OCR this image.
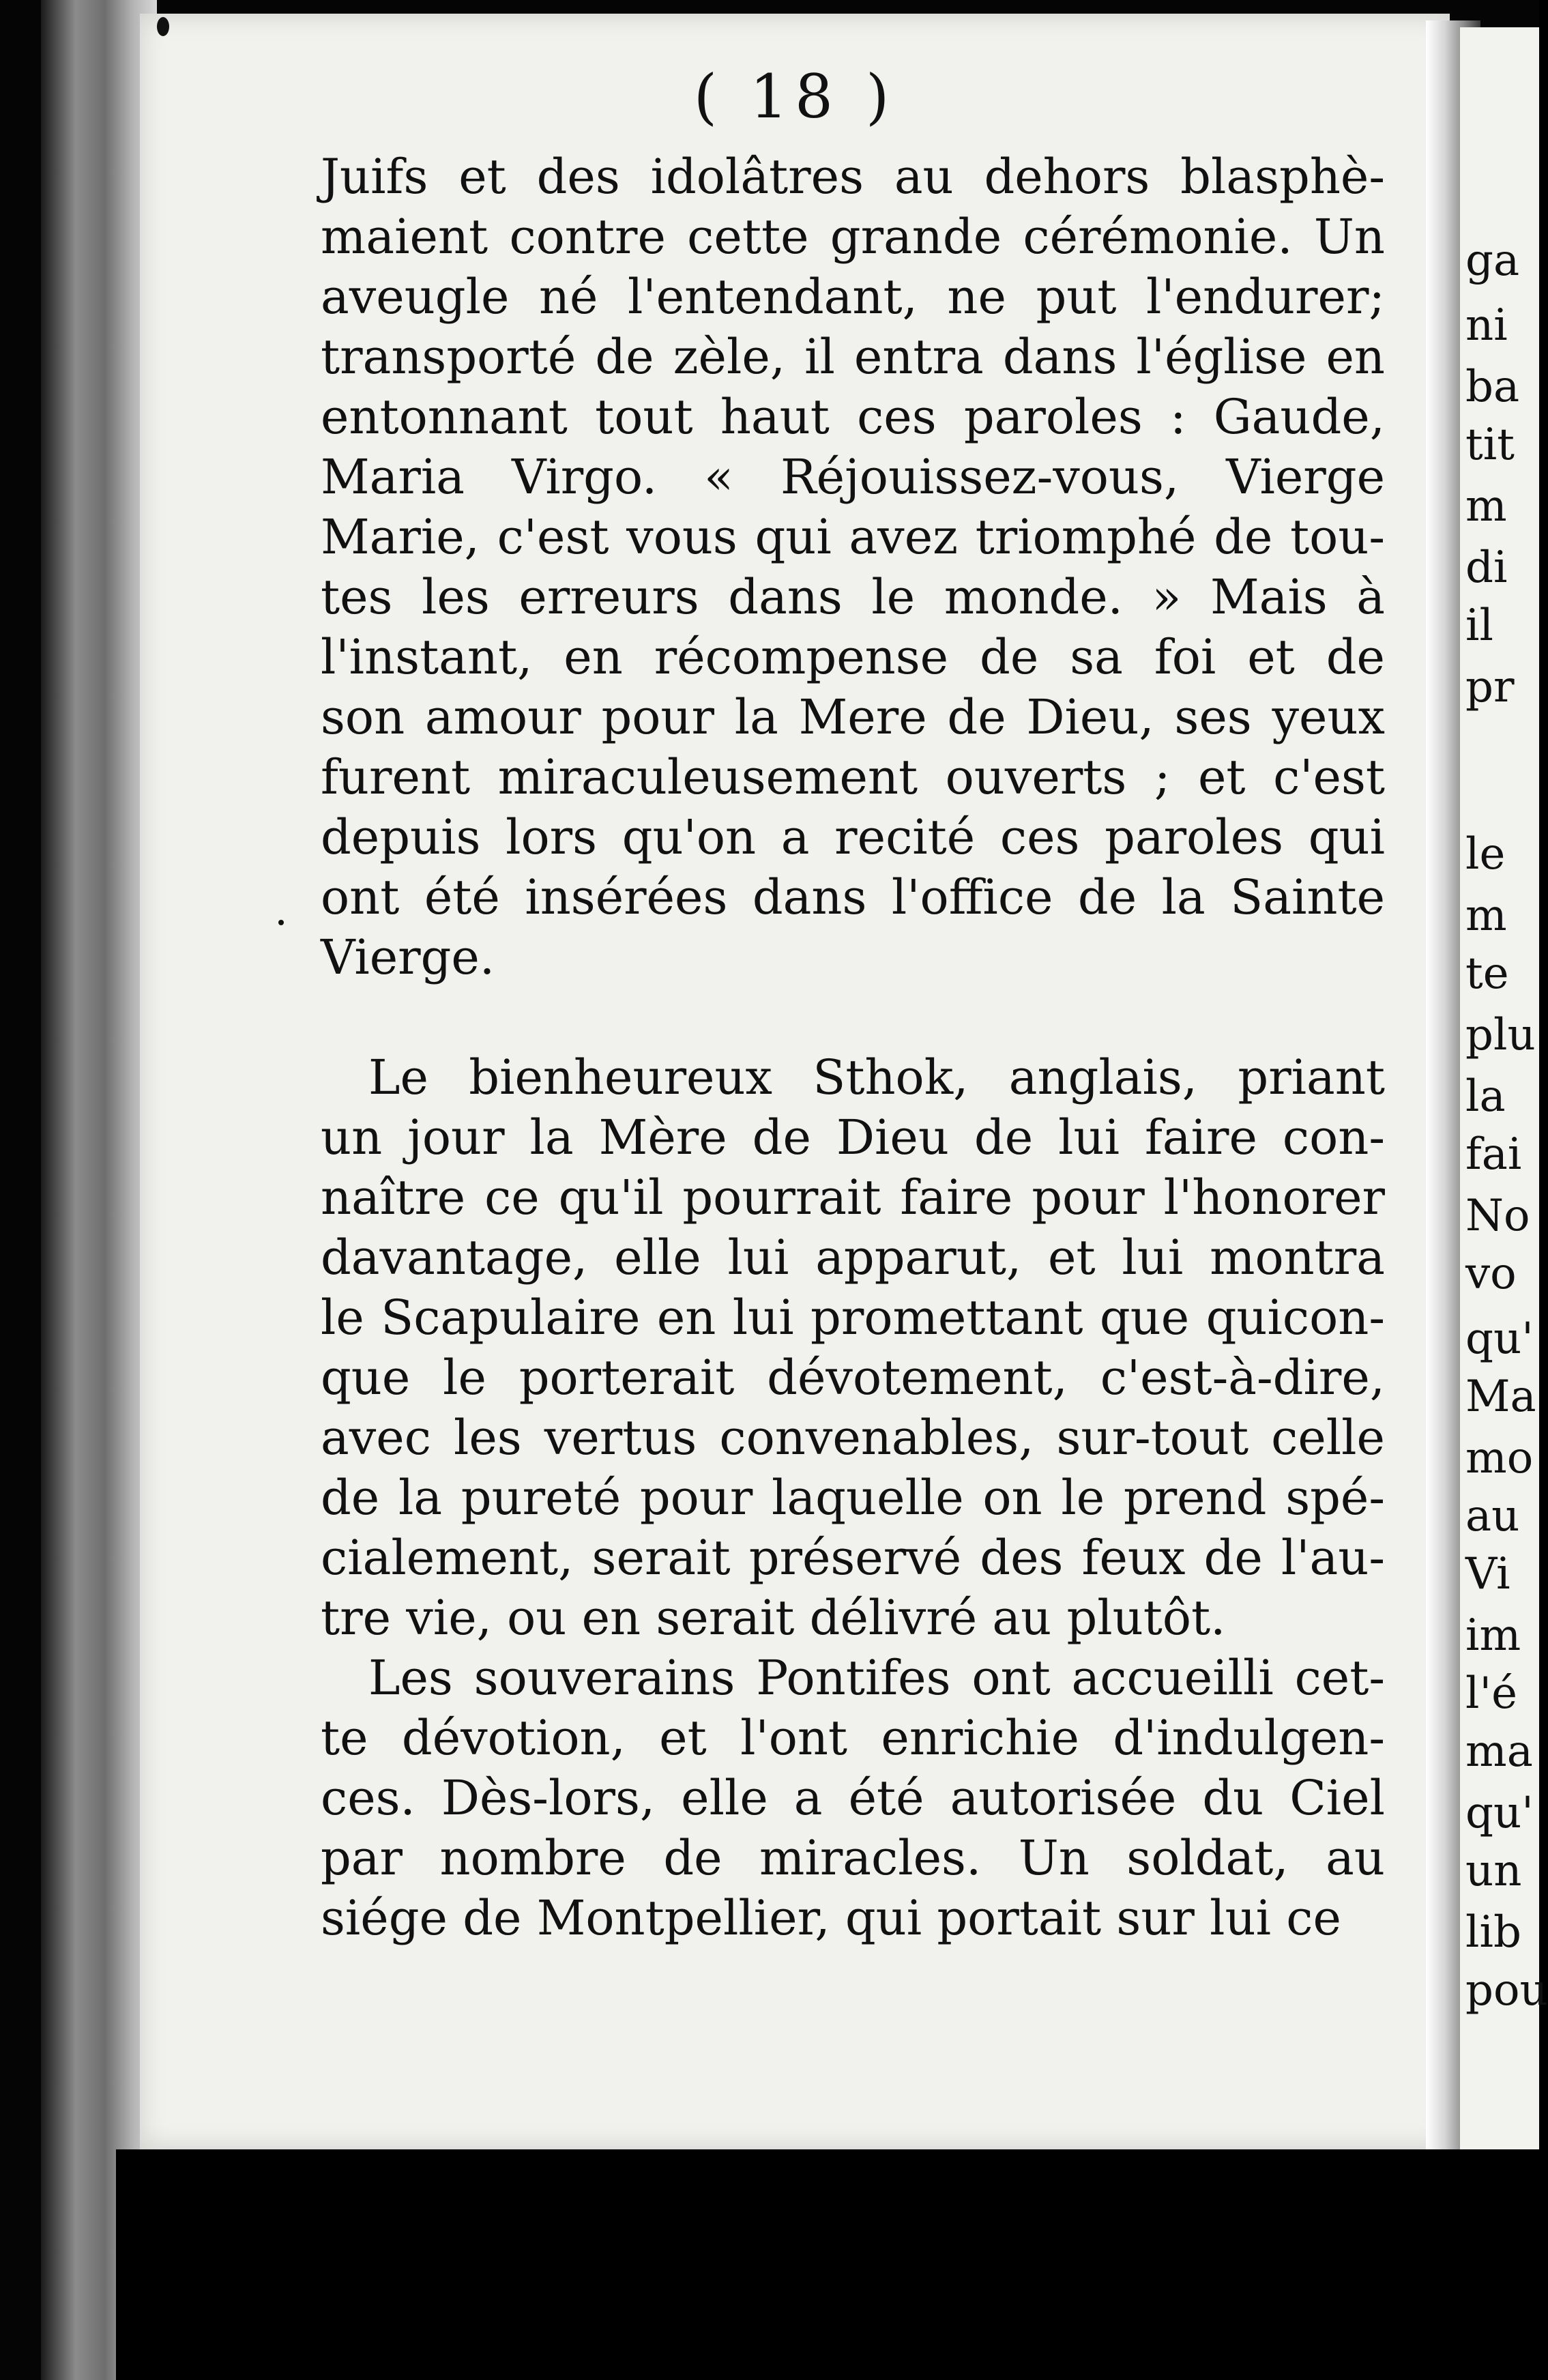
ga
ni
ba
tit
m
di
il
pr
le
m
te
plu
la
fai
No
vo
qu'
Ma
mo
au
Vi
im
l'é
ma
qu'
un
lib
pou
( 18 )

Juifs et des idolâtres au dehors blasphè-
maient contre cette grande cérémonie. Un
aveugle né l'entendant, ne put l'endurer;
transporté de zèle, il entra dans l'église en
entonnant tout haut ces paroles : Gaude,
Maria Virgo. « Réjouissez-vous, Vierge
Marie, c'est vous qui avez triomphé de tou-
tes les erreurs dans le monde. » Mais à
l'instant, en récompense de sa foi et de
son amour pour la Mere de Dieu, ses yeux
furent miraculeusement ouverts ; et c'est
depuis lors qu'on a recité ces paroles qui
ont été insérées dans l'office de la Sainte
Vierge.

Le bienheureux Sthok, anglais, priant
un jour la Mère de Dieu de lui faire con-
naître ce qu'il pourrait faire pour l'honorer
davantage, elle lui apparut, et lui montra
le Scapulaire en lui promettant que quicon-
que le porterait dévotement, c'est-à-dire,
avec les vertus convenables, sur-tout celle
de la pureté pour laquelle on le prend spé-
cialement, serait préservé des feux de l'au-
tre vie, ou en serait délivré au plutôt.

Les souverains Pontifes ont accueilli cet-
te dévotion, et l'ont enrichie d'indulgen-
ces. Dès-lors, elle a été autorisée du Ciel
par nombre de miracles. Un soldat, au
siége de Montpellier, qui portait sur lui ce
